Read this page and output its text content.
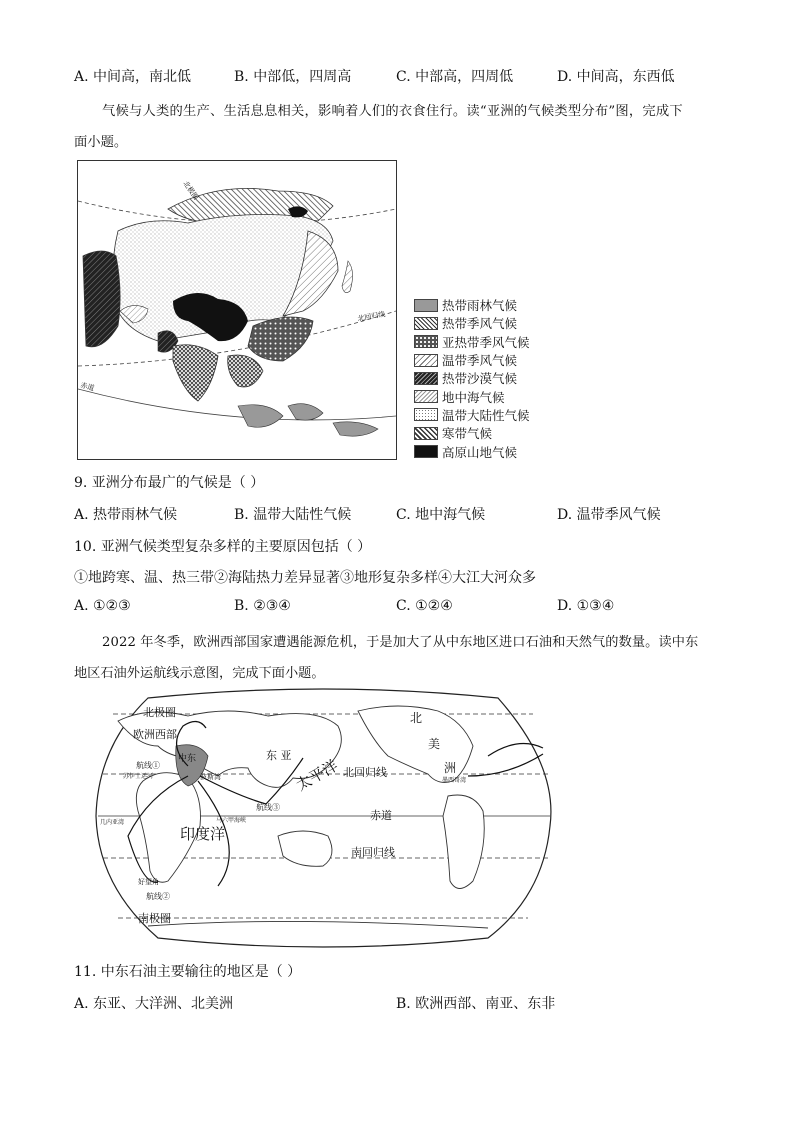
A. 中间高，南北低	B. 中部低，四周高	C. 中部高，四周低	D. 中间高，东西低
气候与人类的生产、生活息息相关，影响着人们的衣食住行。读“亚洲的气候类型分布”图，完成下
面小题。
北极圈
北回归线
赤道
热带雨林气候
热带季风气候
亚热带季风气候
温带季风气候
热带沙漠气候
地中海气候
温带大陆性气候
寒带气候
高原山地气候
9. 亚洲分布最广的气候是（ ）
A. 热带雨林气候	B. 温带大陆性气候	C. 地中海气候	D. 温带季风气候
10. 亚洲气候类型复杂多样的主要原因包括（ ）
①地跨寒、温、热三带②海陆热力差异显著③地形复杂多样④大江大河众多
A. ①②③	B. ②③④	C. ①②④	D. ①③④
2022 年冬季，欧洲西部国家遭遇能源危机，于是加大了从中东地区进口石油和天然气的数量。读中东
地区石油外运航线示意图，完成下面小题。
北极圈
欧洲西部
航线①
苏伊士运河
中东
波斯湾
东 亚
太平洋 北回归线
马六甲海峡
航线③
赤道
几内亚湾
印度洋
南回归线
好望角
航线②
南极圈
北
美
洲
墨西哥湾
11. 中东石油主要输往的地区是（ ）
A. 东亚、大洋洲、北美洲	B. 欧洲西部、南亚、东非
